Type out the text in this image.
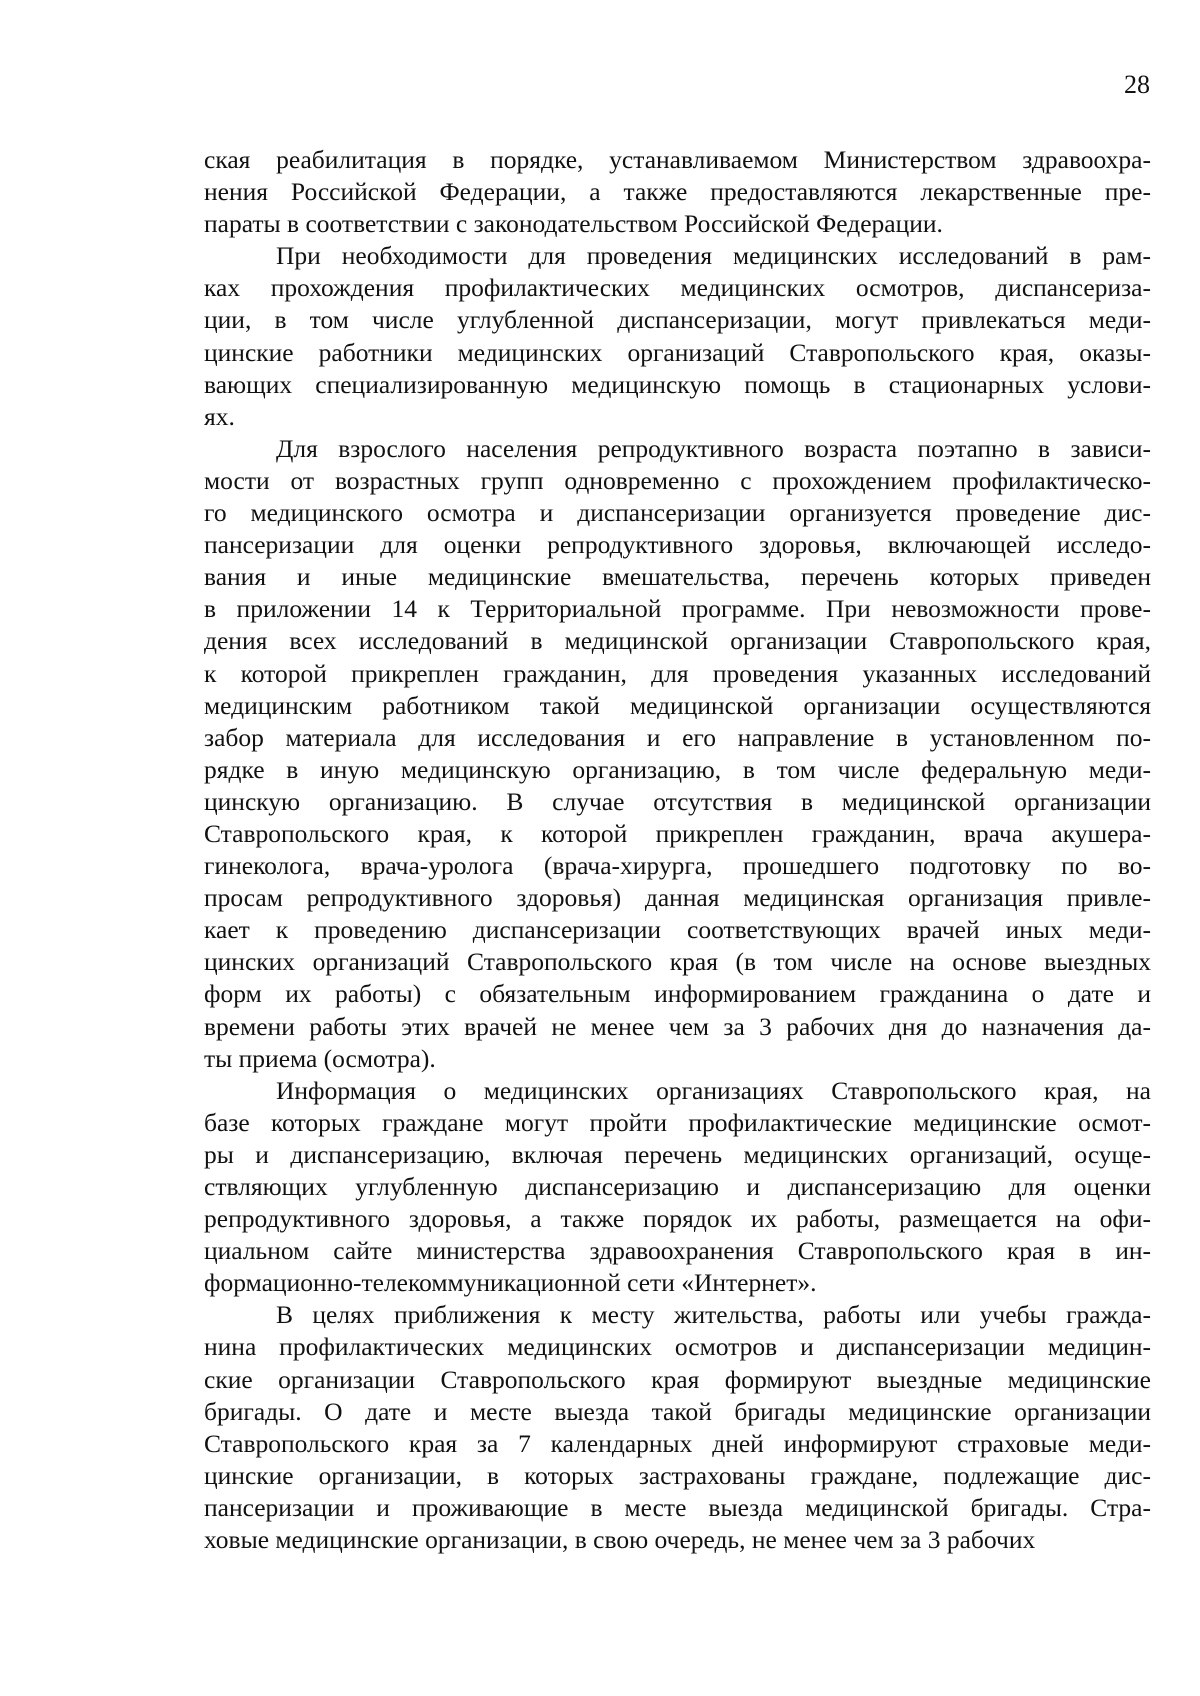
28
ская реабилитация в порядке, устанавливаемом Министерством здравоохра-
нения Российской Федерации, а также предоставляются лекарственные пре-
параты в соответствии с законодательством Российской Федерации.
При необходимости для проведения медицинских исследований в рам-
ках прохождения профилактических медицинских осмотров, диспансериза-
ции, в том числе углубленной диспансеризации, могут привлекаться меди-
цинские работники медицинских организаций Ставропольского края, оказы-
вающих специализированную медицинскую помощь в стационарных услови-
ях.
Для взрослого населения репродуктивного возраста поэтапно в зависи-
мости от возрастных групп одновременно с прохождением профилактическо-
го медицинского осмотра и диспансеризации организуется проведение дис-
пансеризации для оценки репродуктивного здоровья, включающей исследо-
вания и иные медицинские вмешательства, перечень которых приведен
в приложении 14 к Территориальной программе. При невозможности прове-
дения всех исследований в медицинской организации Ставропольского края,
к которой прикреплен гражданин, для проведения указанных исследований
медицинским работником такой медицинской организации осуществляются
забор материала для исследования и его направление в установленном по-
рядке в иную медицинскую организацию, в том числе федеральную меди-
цинскую организацию. В случае отсутствия в медицинской организации
Ставропольского края, к которой прикреплен гражданин, врача акушера-
гинеколога, врача-уролога (врача-хирурга, прошедшего подготовку по во-
просам репродуктивного здоровья) данная медицинская организация привле-
кает к проведению диспансеризации соответствующих врачей иных меди-
цинских организаций Ставропольского края (в том числе на основе выездных
форм их работы) с обязательным информированием гражданина о дате и
времени работы этих врачей не менее чем за 3 рабочих дня до назначения да-
ты приема (осмотра).
Информация о медицинских организациях Ставропольского края, на
базе которых граждане могут пройти профилактические медицинские осмот-
ры и диспансеризацию, включая перечень медицинских организаций, осуще-
ствляющих углубленную диспансеризацию и диспансеризацию для оценки
репродуктивного здоровья, а также порядок их работы, размещается на офи-
циальном сайте министерства здравоохранения Ставропольского края в ин-
формационно-телекоммуникационной сети «Интернет».
В целях приближения к месту жительства, работы или учебы гражда-
нина профилактических медицинских осмотров и диспансеризации медицин-
ские организации Ставропольского края формируют выездные медицинские
бригады. О дате и месте выезда такой бригады медицинские организации
Ставропольского края за 7 календарных дней информируют страховые меди-
цинские организации, в которых застрахованы граждане, подлежащие дис-
пансеризации и проживающие в месте выезда медицинской бригады. Стра-
ховые медицинские организации, в свою очередь, не менее чем за 3 рабочих
